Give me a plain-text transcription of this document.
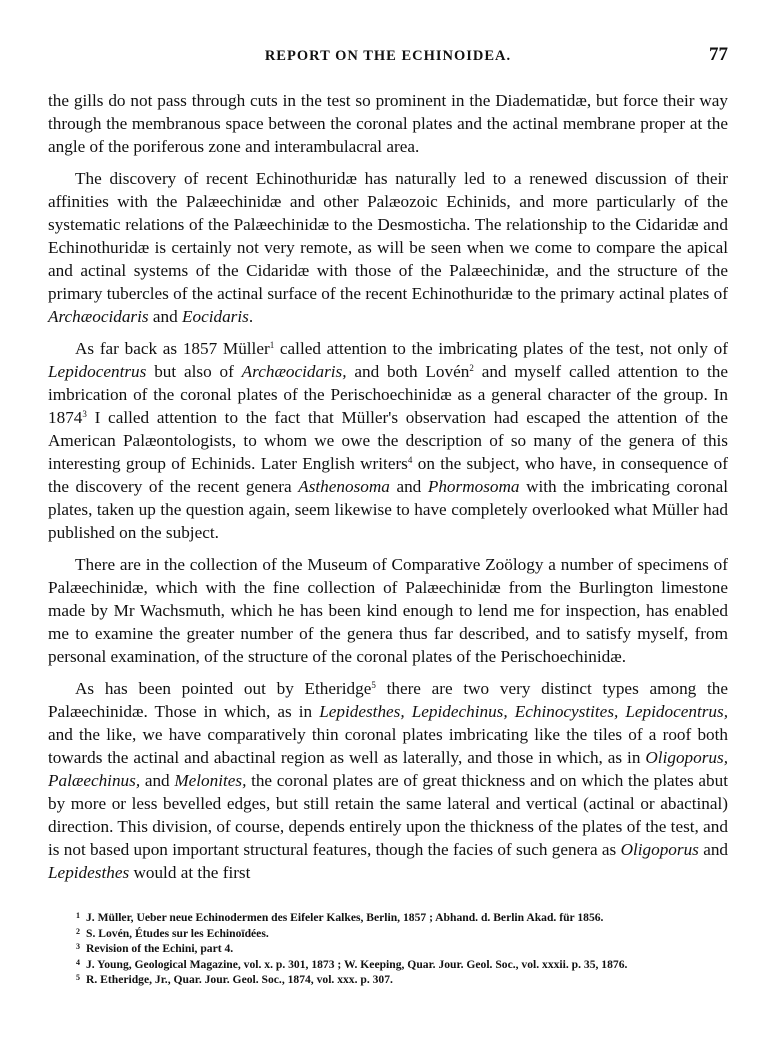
REPORT ON THE ECHINOIDEA.	77

the gills do not pass through cuts in the test so prominent in the Diadematidæ, but force their way through the membranous space between the coronal plates and the actinal membrane proper at the angle of the poriferous zone and interambulacral area.

The discovery of recent Echinothuridæ has naturally led to a renewed discussion of their affinities with the Palæechinidæ and other Palæozoic Echinids, and more particularly of the systematic relations of the Palæechinidæ to the Desmosticha. The relationship to the Cidaridæ and Echinothuridæ is certainly not very remote, as will be seen when we come to compare the apical and actinal systems of the Cidaridæ with those of the Palæechinidæ, and the structure of the primary tubercles of the actinal surface of the recent Echinothuridæ to the primary actinal plates of Archæocidaris and Eocidaris.

As far back as 1857 Müller$^1$ called attention to the imbricating plates of the test, not only of Lepidocentrus but also of Archæocidaris, and both Lovén$^2$ and myself called attention to the imbrication of the coronal plates of the Perischoechinidæ as a general character of the group. In 1874$^3$ I called attention to the fact that Müller's observation had escaped the attention of the American Palæontologists, to whom we owe the description of so many of the genera of this interesting group of Echinids. Later English writers$^4$ on the subject, who have, in consequence of the discovery of the recent genera Asthenosoma and Phormosoma with the imbricating coronal plates, taken up the question again, seem likewise to have completely overlooked what Müller had published on the subject.

There are in the collection of the Museum of Comparative Zoölogy a number of specimens of Palæechinidæ, which with the fine collection of Palæechinidæ from the Burlington limestone made by Mr Wachsmuth, which he has been kind enough to lend me for inspection, has enabled me to examine the greater number of the genera thus far described, and to satisfy myself, from personal examination, of the structure of the coronal plates of the Perischoechinidæ.

As has been pointed out by Etheridge$^5$ there are two very distinct types among the Palæechinidæ. Those in which, as in Lepidesthes, Lepidechinus, Echinocystites, Lepidocentrus, and the like, we have comparatively thin coronal plates imbricating like the tiles of a roof both towards the actinal and abactinal region as well as laterally, and those in which, as in Oligoporus, Palæechinus, and Melonites, the coronal plates are of great thickness and on which the plates abut by more or less bevelled edges, but still retain the same lateral and vertical (actinal or abactinal) direction. This division, of course, depends entirely upon the thickness of the plates of the test, and is not based upon important structural features, though the facies of such genera as Oligoporus and Lepidesthes would at the first

1 J. Müller, Ueber neue Echinodermen des Eifeler Kalkes, Berlin, 1857 ; Abhand. d. Berlin Akad. für 1856.
2 S. Lovén, Études sur les Echinoïdées.
3 Revision of the Echini, part 4.
4 J. Young, Geological Magazine, vol. x. p. 301, 1873 ; W. Keeping, Quar. Jour. Geol. Soc., vol. xxxii. p. 35, 1876.
5 R. Etheridge, Jr., Quar. Jour. Geol. Soc., 1874, vol. xxx. p. 307.
